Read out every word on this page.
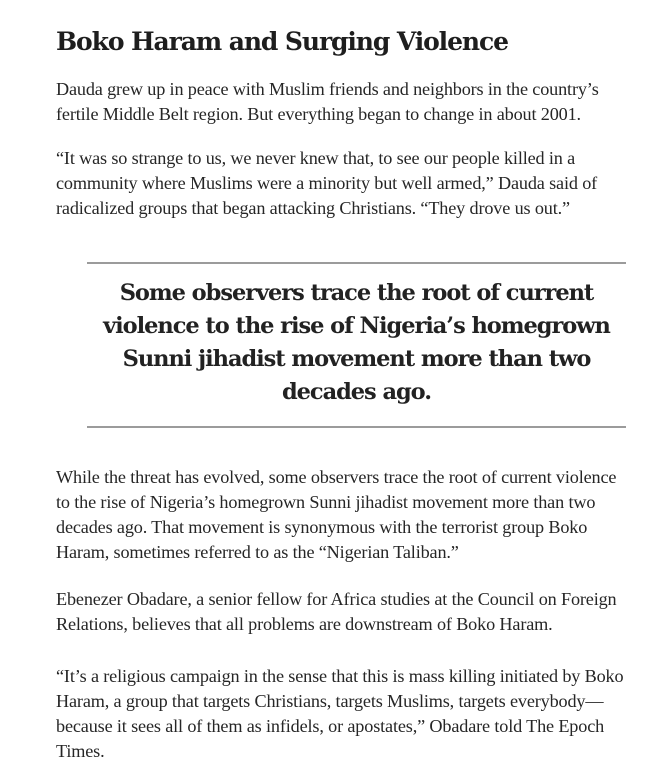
Boko Haram and Surging Violence

Dauda grew up in peace with Muslim friends and neighbors in the country’s
fertile Middle Belt region. But everything began to change in about 2001.

“It was so strange to us, we never knew that, to see our people killed in a
community where Muslims were a minority but well armed,” Dauda said of
radicalized groups that began attacking Christians. “They drove us out.”

While the threat has evolved, some observers trace the root of current violence
to the rise of Nigeria’s homegrown Sunni jihadist movement more than two
decades ago. That movement is synonymous with the terrorist group Boko
Haram, sometimes referred to as the “Nigerian Taliban.”

Ebenezer Obadare, a senior fellow for Africa studies at the Council on Foreign
Relations, believes that all problems are downstream of Boko Haram.

“It’s a religious campaign in the sense that this is mass killing initiated by Boko
Haram, a group that targets Christians, targets Muslims, targets everybody—
because it sees all of them as infidels, or apostates,” Obadare told The Epoch
Times.

Some observers trace the root of current
violence to the rise of Nigeria’s homegrown
Sunni jihadist movement more than two
decades ago.
